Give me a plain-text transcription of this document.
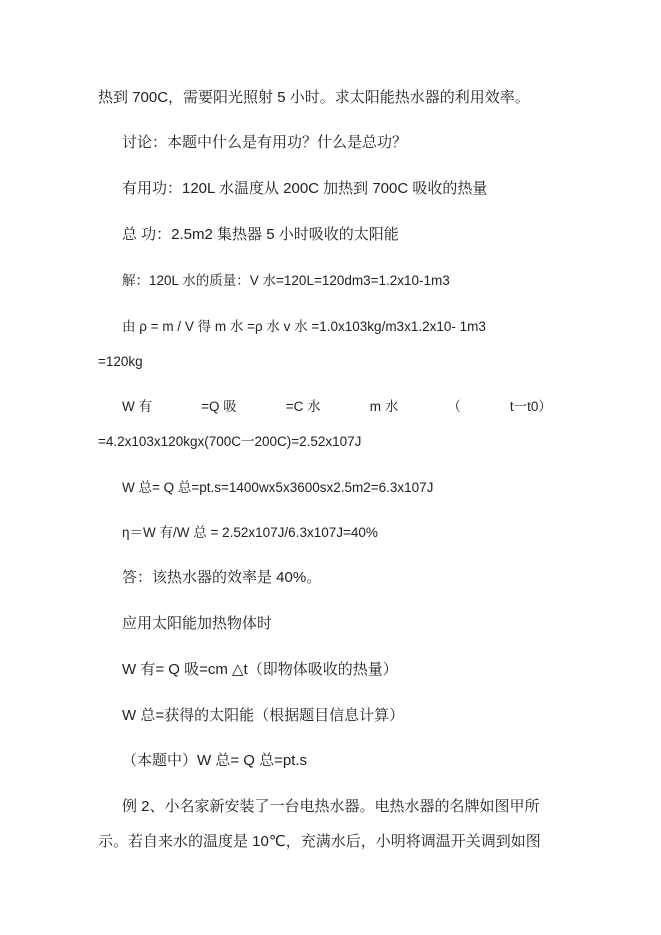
热到 700C，需要阳光照射 5 小时。求太阳能热水器的利用效率。
讨论：本题中什么是有用功？什么是总功？
有用功：120L 水温度从 200C 加热到 700C 吸收的热量
总 功：2.5m2 集热器 5 小时吸收的太阳能
解：120L 水的质量：V 水=120L=120dm3=1.2x10-1m3
由 ρ = m / V 得 m 水 =ρ 水 v 水 =1.0x103kg/m3x1.2x10- 1m3
=120kg
W 有	=Q 吸	=C 水	m 水	（	t一t0）
=4.2x103x120kgx(700C一200C)=2.52x107J
W 总= Q 总=pt.s=1400wx5x3600sx2.5m2=6.3x107J
η＝W 有/W 总 = 2.52x107J/6.3x107J=40%
答：该热水器的效率是 40%。
应用太阳能加热物体时
W 有= Q 吸=cm △t（即物体吸收的热量）
W 总=获得的太阳能（根据题目信息计算）
（本题中）W 总= Q 总=pt.s
例 2、小名家新安装了一台电热水器。电热水器的名牌如图甲所
示。若自来水的温度是 10℃，充满水后，小明将调温开关调到如图
